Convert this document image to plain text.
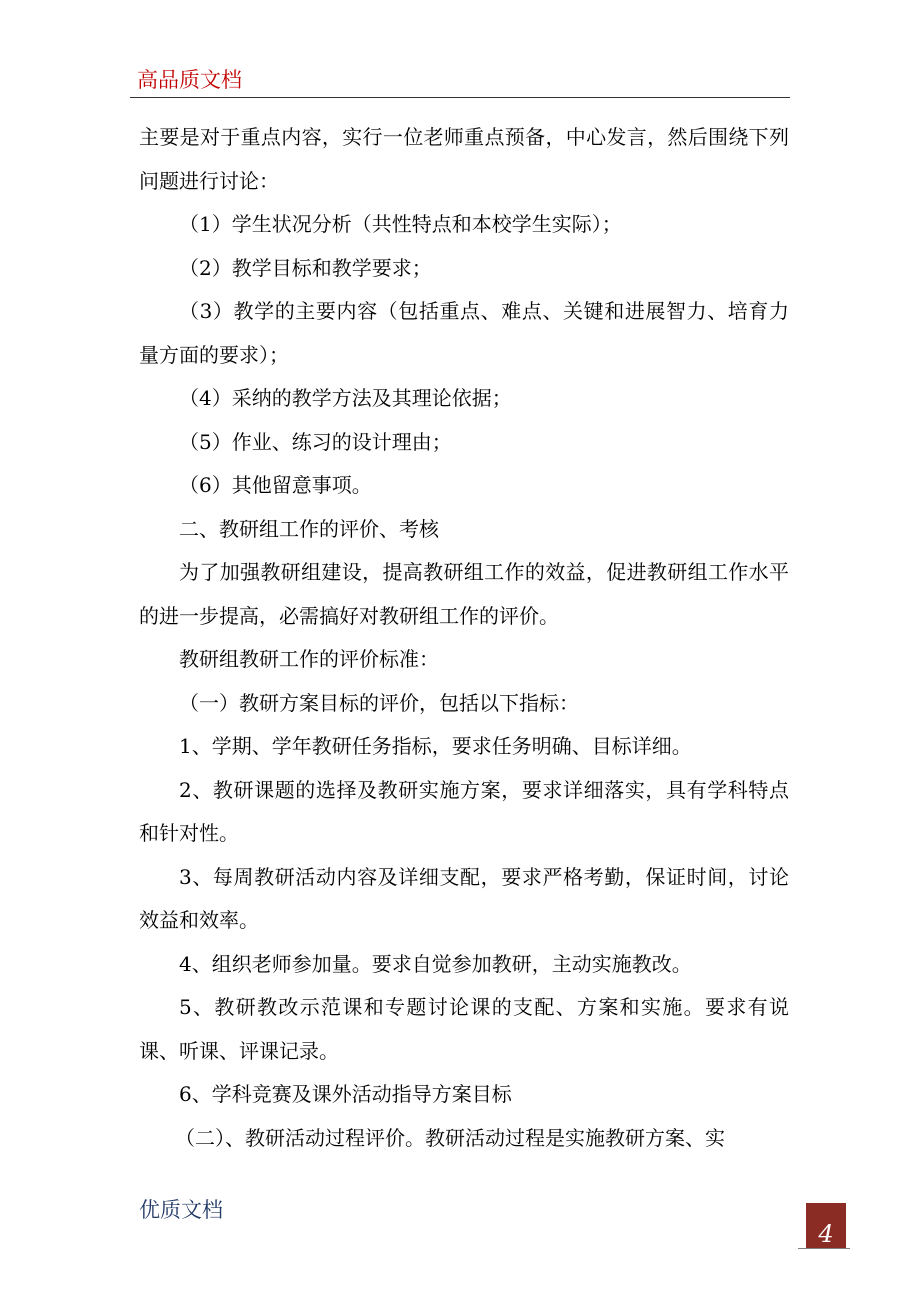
高品质文档

主要是对于重点内容，实行一位老师重点预备，中心发言，然后围绕下列问题进行讨论：

（1）学生状况分析（共性特点和本校学生实际）；

（2）教学目标和教学要求；

（3）教学的主要内容（包括重点、难点、关键和进展智力、培育力量方面的要求）；

（4）采纳的教学方法及其理论依据；

（5）作业、练习的设计理由；

（6）其他留意事项。

二、教研组工作的评价、考核

为了加强教研组建设，提高教研组工作的效益，促进教研组工作水平的进一步提高，必需搞好对教研组工作的评价。

教研组教研工作的评价标准：

（一）教研方案目标的评价，包括以下指标：

1、学期、学年教研任务指标，要求任务明确、目标详细。

2、教研课题的选择及教研实施方案，要求详细落实，具有学科特点和针对性。

3、每周教研活动内容及详细支配，要求严格考勤，保证时间，讨论效益和效率。

4、组织老师参加量。要求自觉参加教研，主动实施教改。

5、教研教改示范课和专题讨论课的支配、方案和实施。要求有说课、听课、评课记录。

6、学科竞赛及课外活动指导方案目标

（二）、教研活动过程评价。教研活动过程是实施教研方案、实

优质文档
4
